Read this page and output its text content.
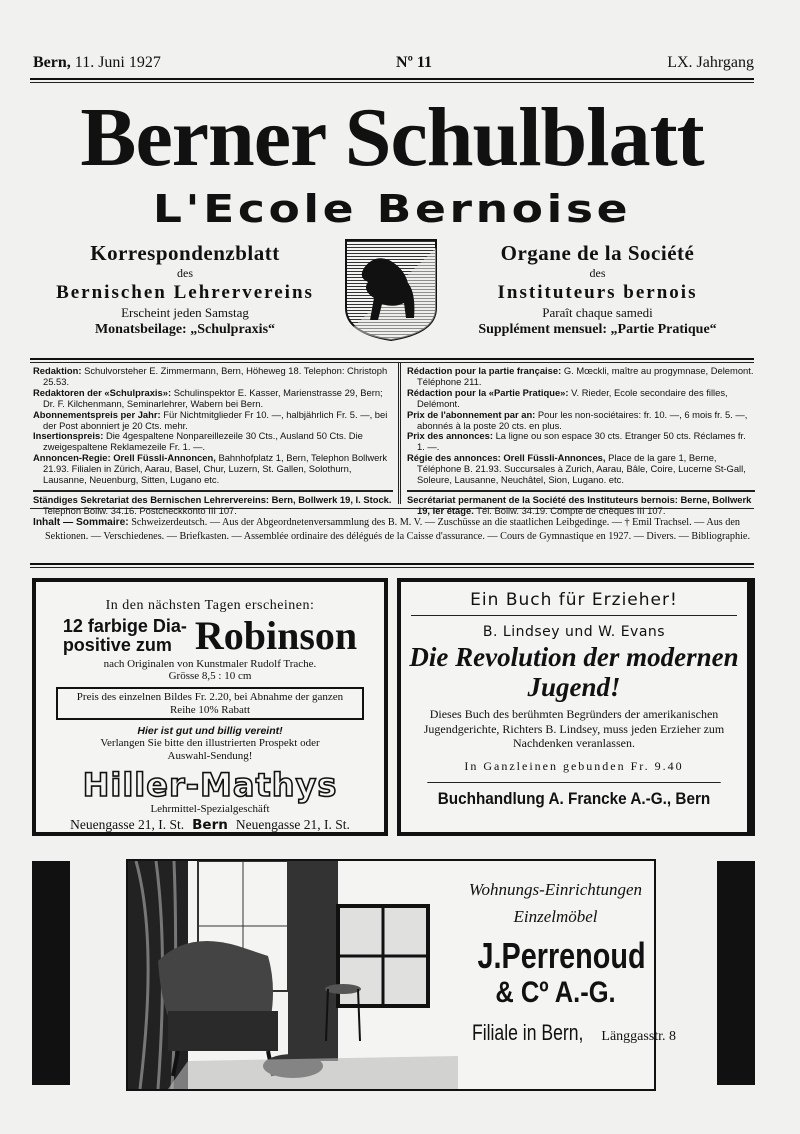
Bern, 11. Juni 1927	Nº 11	LX. Jahrgang
Berner Schulblatt
L'Ecole Bernoise
Korrespondenzblatt
des
Bernischen Lehrervereins
Erscheint jeden Samstag
Monatsbeilage: „Schulpraxis“
Organe de la Société
des
Instituteurs bernois
Paraît chaque samedi
Supplément mensuel: „Partie Pratique“

Redaktion: Schulvorsteher E. Zimmermann, Bern, Höheweg 18. Telephon: Christoph 25.53.

Redaktoren der «Schulpraxis»: Schulinspektor E. Kasser, Marienstrasse 29, Bern; Dr. F. Kilchenmann, Seminarlehrer, Wabern bei Bern.

Abonnementspreis per Jahr: Für Nichtmitglieder Fr 10. —, halbjährlich Fr. 5. —, bei der Post abonniert je 20 Cts. mehr.

Insertionspreis: Die 4gespaltene Nonpareillezeile 30 Cts., Ausland 50 Cts. Die zweigespaltene Reklamezeile Fr. 1. —.

Annoncen-Regie: Orell Füssli-Annoncen, Bahnhofplatz 1, Bern, Telephon Bollwerk 21.93. Filialen in Zürich, Aarau, Basel, Chur, Luzern, St. Gallen, Solothurn, Lausanne, Neuenburg, Sitten, Lugano etc.

Ständiges Sekretariat des Bernischen Lehrervereins: Bern, Bollwerk 19, I. Stock. Telephon Bollw. 34.16. Postcheckkonto III 107.

Rédaction pour la partie française: G. Mœckli, maître au progymnase, Delemont. Téléphone 211.

Rédaction pour la «Partie Pratique»: V. Rieder, Ecole secondaire des filles, Delémont.

Prix de l'abonnement par an: Pour les non-sociétaires: fr. 10. —, 6 mois fr. 5. —, abonnés à la poste 20 cts. en plus.

Prix des annonces: La ligne ou son espace 30 cts. Etranger 50 cts. Réclames fr. 1. —.

Régie des annonces: Orell Füssli-Annonces, Place de la gare 1, Berne, Téléphone B. 21.93. Succursales à Zurich, Aarau, Bâle, Coire, Lucerne St-Gall, Soleure, Lausanne, Neuchâtel, Sion, Lugano. etc.

Secrétariat permanent de la Société des Instituteurs bernois: Berne, Bollwerk 19, Ier étage. Tél. Bollw. 34.19. Compte de chèques III 107.

Inhalt — Sommaire: Schweizerdeutsch. — Aus der Abgeordnetenversammlung des B. M. V. — Zuschüsse an die staatlichen Leibgedinge. — † Emil Trachsel. — Aus den Sektionen. — Verschiedenes. — Briefkasten. — Assemblée ordinaire des délégués de la Caisse d'assurance. — Cours de Gymnastique en 1927. — Divers. — Bibliographie.
In den nächsten Tagen erscheinen:
12 farbige Dia-
positive zum Robinson
nach Originalen von Kunstmaler Rudolf Trache.
Grösse 8,5 : 10 cm
Preis des einzelnen Bildes Fr. 2.20, bei Abnahme der ganzen Reihe 10% Rabatt
Hier ist gut und billig vereint!
Verlangen Sie bitte den illustrierten Prospekt oder Auswahl-Sendung!
Hiller-Mathys
Lehrmittel-Spezialgeschäft
Neuengasse 21, I. St. Bern Neuengasse 21, I. St.
Ein Buch für Erzieher!
B. Lindsey und W. Evans
Die Revolution der modernen Jugend!
Dieses Buch des berühmten Begründers der amerikanischen Jugendgerichte, Richters B. Lindsey, muss jeden Erzieher zum Nachdenken veranlassen.
In Ganzleinen gebunden Fr. 9.40
Buchhandlung A. Francke A.-G., Bern
Wohnungs-Einrichtungen
Einzelmöbel
J.Perrenoud
& Cº A.-G.
Filiale in Bern, Länggasstr. 8
